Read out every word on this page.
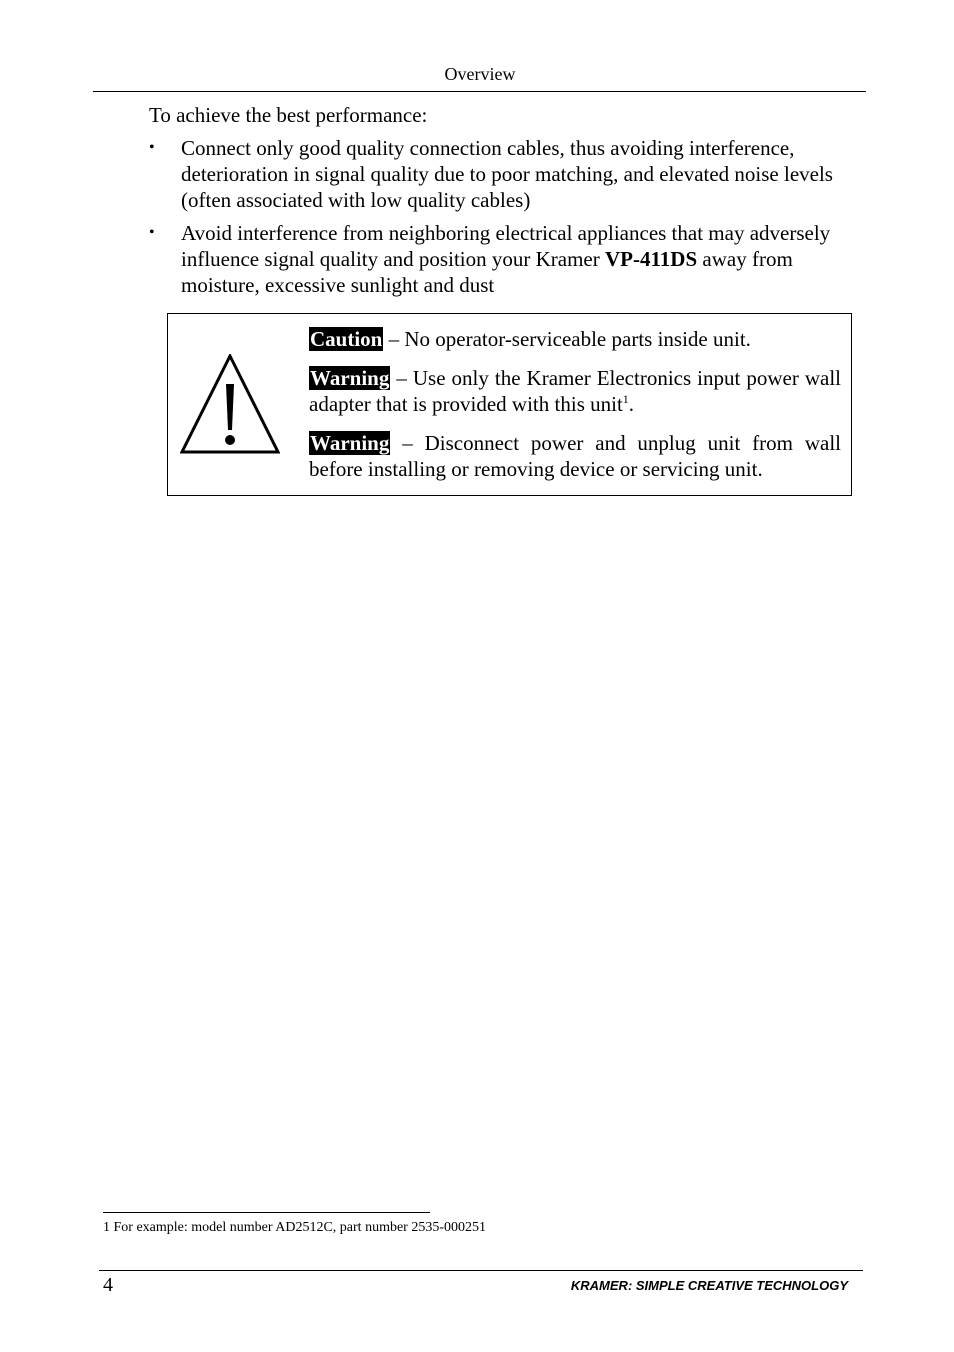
Overview
To achieve the best performance:
• Connect only good quality connection cables, thus avoiding interference, deterioration in signal quality due to poor matching, and elevated noise levels (often associated with low quality cables)
• Avoid interference from neighboring electrical appliances that may adversely influence signal quality and position your Kramer VP-411DS away from moisture, excessive sunlight and dust

Caution – No operator-serviceable parts inside unit.

Warning – Use only the Kramer Electronics input power wall adapter that is provided with this unit$^1$.

Warning – Disconnect power and unplug unit from wall before installing or removing device or servicing unit.

1 For example: model number AD2512C, part number 2535-000251
4	KRAMER: SIMPLE CREATIVE TECHNOLOGY
